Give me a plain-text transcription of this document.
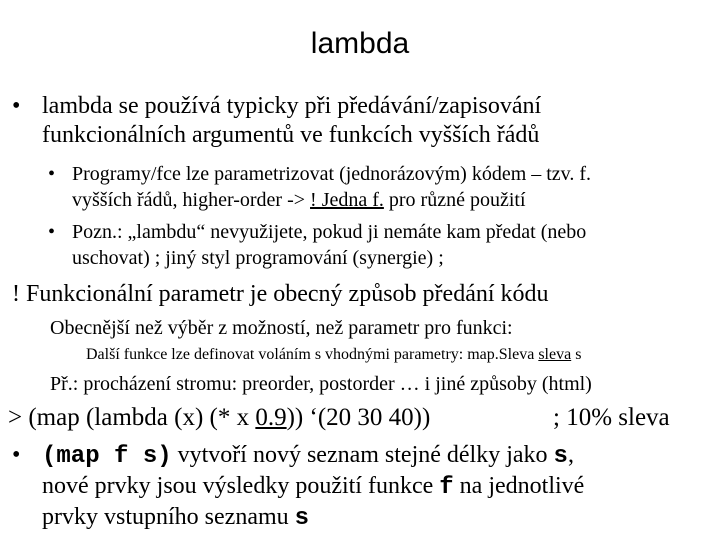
lambda
• lambda se používá typicky při předávání/zapisování
funkcionálních argumentů ve funkcích vyšších řádů
• Programy/fce lze parametrizovat (jednorázovým) kódem – tzv. f.
vyšších řádů, higher-order -> ! Jedna f. pro různé použití
• Pozn.: „lambdu“ nevyužijete, pokud ji nemáte kam předat (nebo
uschovat) ; jiný styl programování (synergie) ;
! Funkcionální parametr je obecný způsob předání kódu
Obecnější než výběr z možností, než parametr pro funkci:
Další funkce lze definovat voláním s vhodnými parametry: map.Sleva sleva s
Př.: procházení stromu: preorder, postorder … i jiné způsoby (html)
> (map (lambda (x) (* x 0.9)) ‘(20 30 40))	; 10% sleva
• (map f s) vytvoří nový seznam stejné délky jako s,
nové prvky jsou výsledky použití funkce f na jednotlivé
prvky vstupního seznamu s
